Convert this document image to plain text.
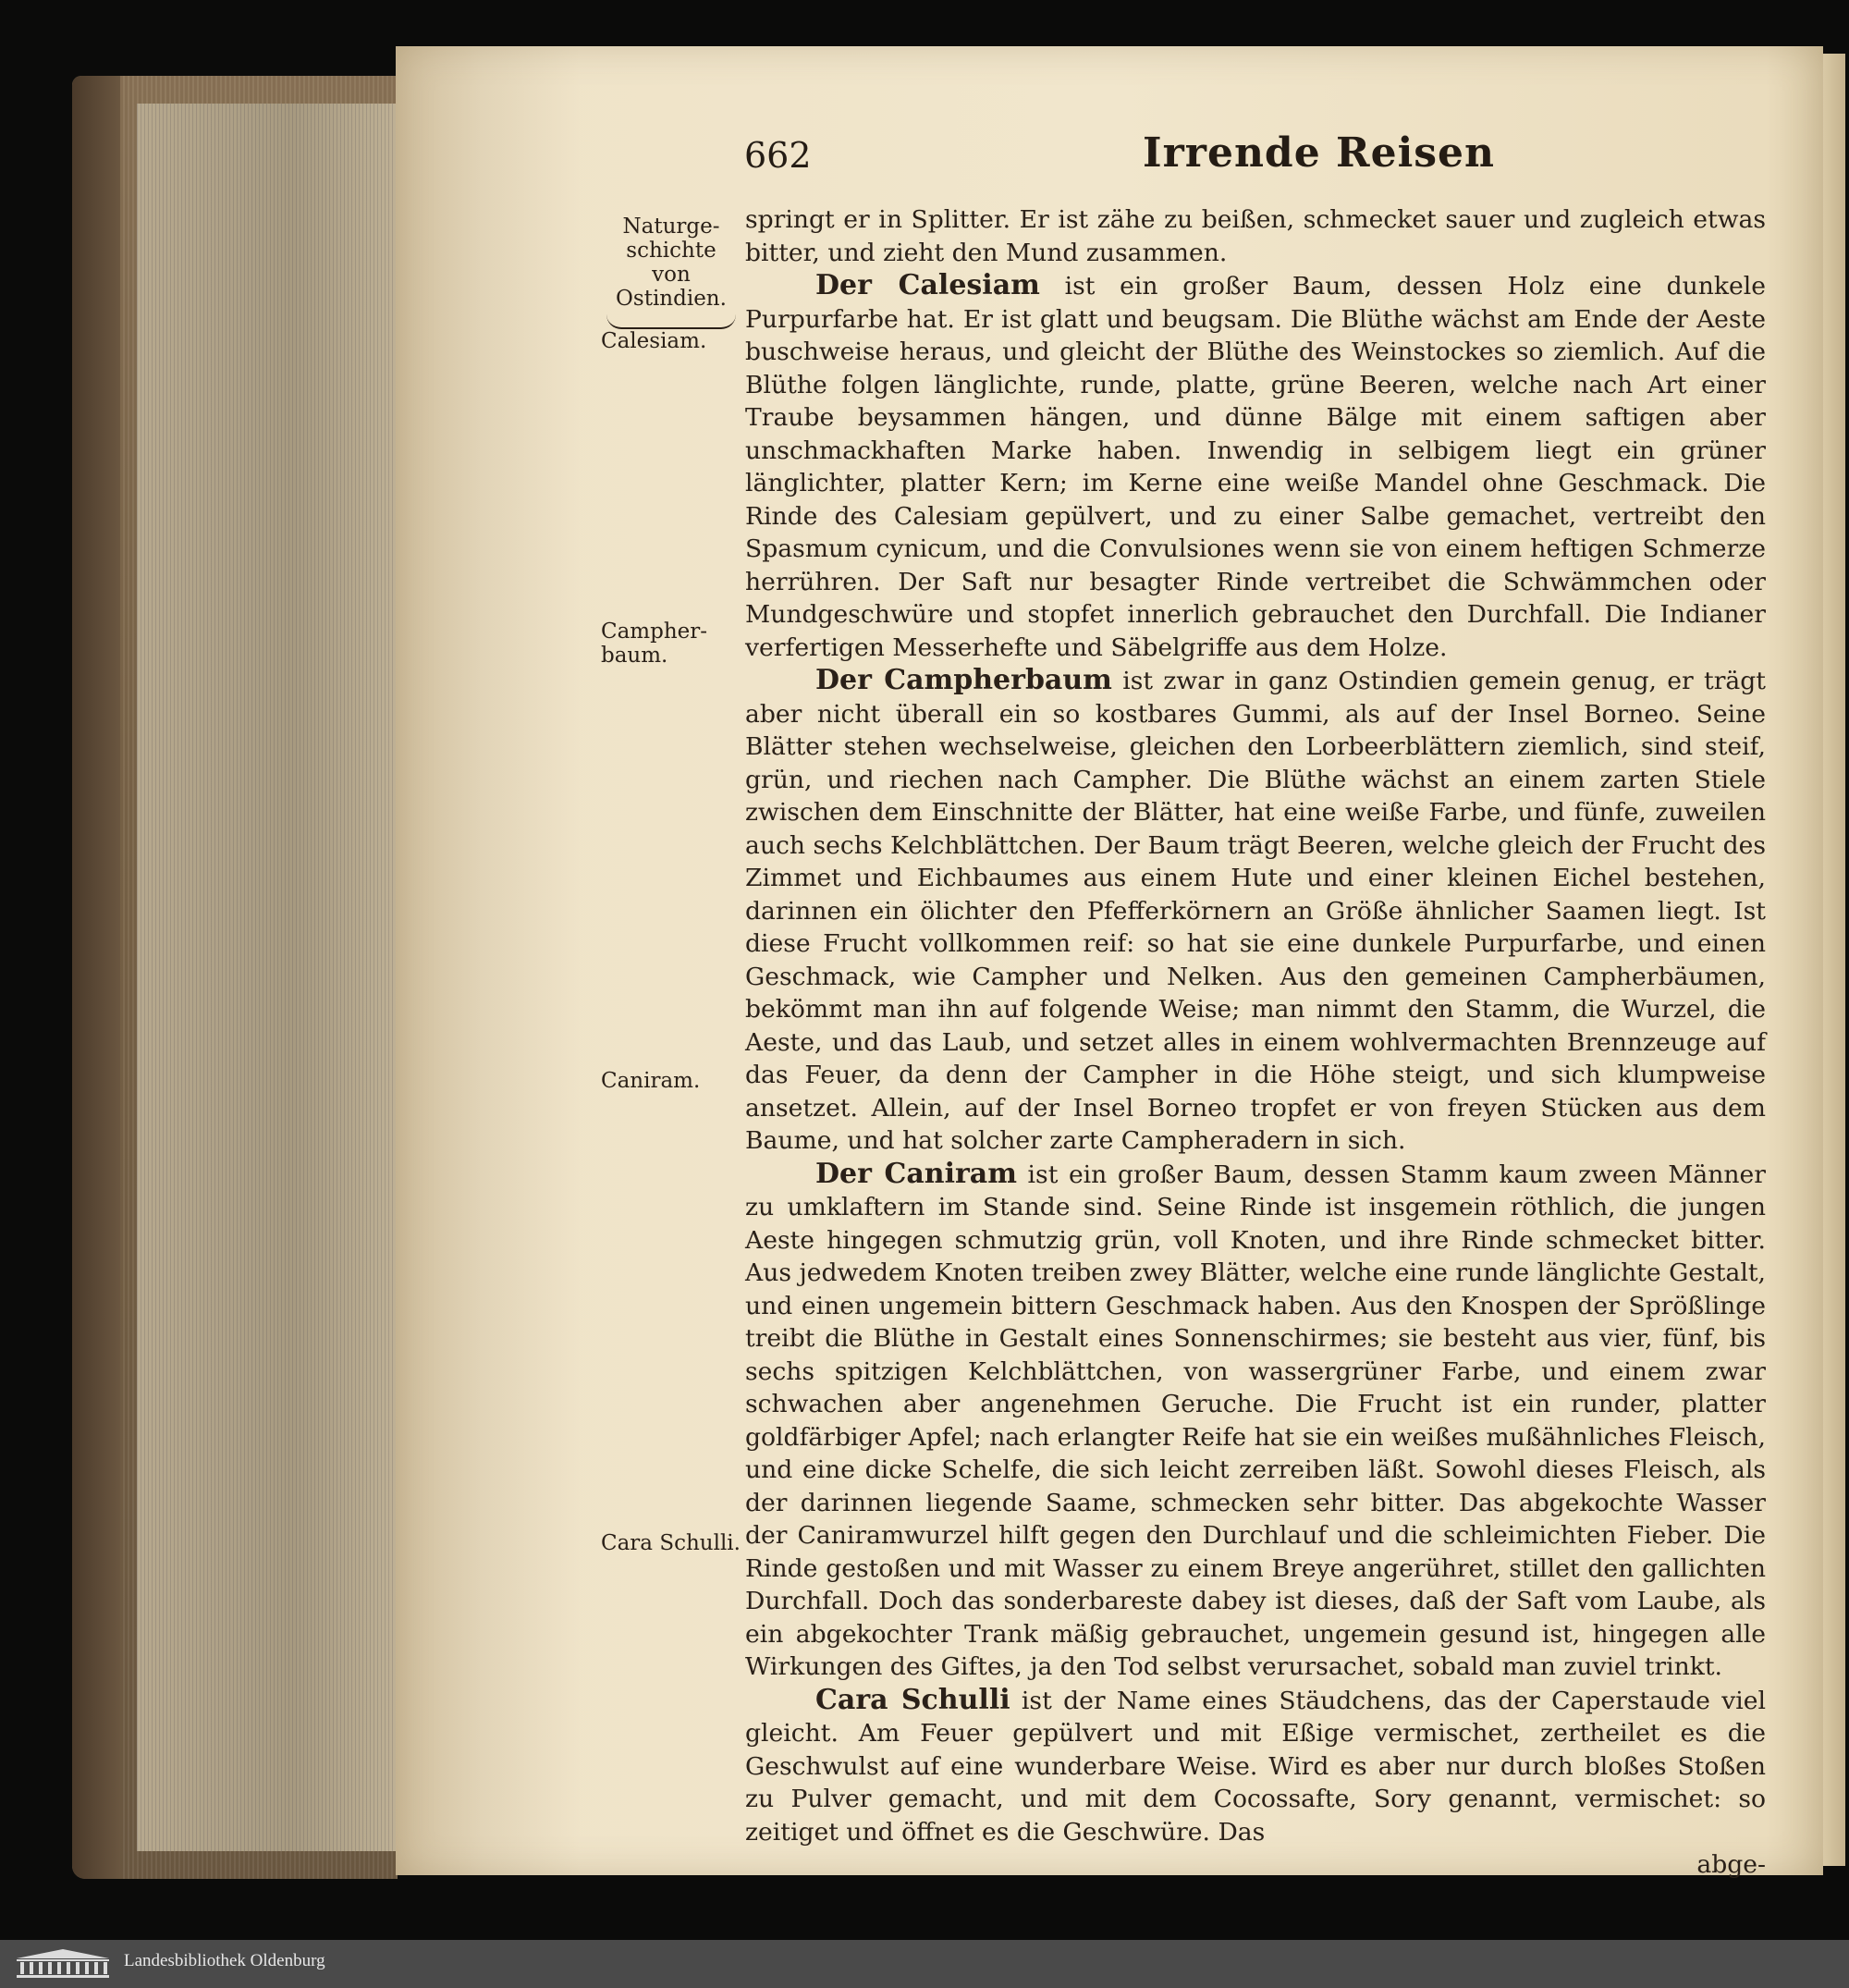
662	Irrende Reisen
Naturge-schichte von Ostindien.
Calesiam.
Campher-baum.
Caniram.
Cara Schulli.

springt er in Splitter. Er ist zähe zu beißen, schmecket sauer und zugleich etwas bitter, und zieht den Mund zusammen.

Der Calesiam ist ein großer Baum, dessen Holz eine dunkele Purpurfarbe hat. Er ist glatt und beugsam. Die Blüthe wächst am Ende der Aeste buschweise heraus, und gleicht der Blüthe des Weinstockes so ziemlich. Auf die Blüthe folgen länglichte, runde, platte, grüne Beeren, welche nach Art einer Traube beysammen hängen, und dünne Bälge mit einem saftigen aber unschmackhaften Marke haben. Inwendig in selbigem liegt ein grüner länglichter, platter Kern; im Kerne eine weiße Mandel ohne Geschmack. Die Rinde des Calesiam gepülvert, und zu einer Salbe gemachet, vertreibt den Spasmum cynicum, und die Convulsiones wenn sie von einem heftigen Schmerze herrühren. Der Saft nur besagter Rinde vertreibet die Schwämmchen oder Mundgeschwüre und stopfet innerlich gebrauchet den Durchfall. Die Indianer verfertigen Messerhefte und Säbelgriffe aus dem Holze.

Der Campherbaum ist zwar in ganz Ostindien gemein genug, er trägt aber nicht überall ein so kostbares Gummi, als auf der Insel Borneo. Seine Blätter stehen wechselweise, gleichen den Lorbeerblättern ziemlich, sind steif, grün, und riechen nach Campher. Die Blüthe wächst an einem zarten Stiele zwischen dem Einschnitte der Blätter, hat eine weiße Farbe, und fünfe, zuweilen auch sechs Kelchblättchen. Der Baum trägt Beeren, welche gleich der Frucht des Zimmet und Eichbaumes aus einem Hute und einer kleinen Eichel bestehen, darinnen ein ölichter den Pfefferkörnern an Größe ähnlicher Saamen liegt. Ist diese Frucht vollkommen reif: so hat sie eine dunkele Purpurfarbe, und einen Geschmack, wie Campher und Nelken. Aus den gemeinen Campherbäumen, bekömmt man ihn auf folgende Weise; man nimmt den Stamm, die Wurzel, die Aeste, und das Laub, und setzet alles in einem wohlvermachten Brennzeuge auf das Feuer, da denn der Campher in die Höhe steigt, und sich klumpweise ansetzet. Allein, auf der Insel Borneo tropfet er von freyen Stücken aus dem Baume, und hat solcher zarte Campheradern in sich.

Der Caniram ist ein großer Baum, dessen Stamm kaum zween Männer zu umklaftern im Stande sind. Seine Rinde ist insgemein röthlich, die jungen Aeste hingegen schmutzig grün, voll Knoten, und ihre Rinde schmecket bitter. Aus jedwedem Knoten treiben zwey Blätter, welche eine runde länglichte Gestalt, und einen ungemein bittern Geschmack haben. Aus den Knospen der Sprößlinge treibt die Blüthe in Gestalt eines Sonnenschirmes; sie besteht aus vier, fünf, bis sechs spitzigen Kelchblättchen, von wassergrüner Farbe, und einem zwar schwachen aber angenehmen Geruche. Die Frucht ist ein runder, platter goldfärbiger Apfel; nach erlangter Reife hat sie ein weißes mußähnliches Fleisch, und eine dicke Schelfe, die sich leicht zerreiben läßt. Sowohl dieses Fleisch, als der darinnen liegende Saame, schmecken sehr bitter. Das abgekochte Wasser der Caniramwurzel hilft gegen den Durchlauf und die schleimichten Fieber. Die Rinde gestoßen und mit Wasser zu einem Breye angerühret, stillet den gallichten Durchfall. Doch das sonderbareste dabey ist dieses, daß der Saft vom Laube, als ein abgekochter Trank mäßig gebrauchet, ungemein gesund ist, hingegen alle Wirkungen des Giftes, ja den Tod selbst verursachet, sobald man zuviel trinkt.

Cara Schulli ist der Name eines Stäudchens, das der Caperstaude viel gleicht. Am Feuer gepülvert und mit Eßige vermischet, zertheilet es die Geschwulst auf eine wunderbare Weise. Wird es aber nur durch bloßes Stoßen zu Pulver gemacht, und mit dem Cocossafte, Sory genannt, vermischet: so zeitiget und öffnet es die Geschwüre. Das

abge-

Landesbibliothek Oldenburg
